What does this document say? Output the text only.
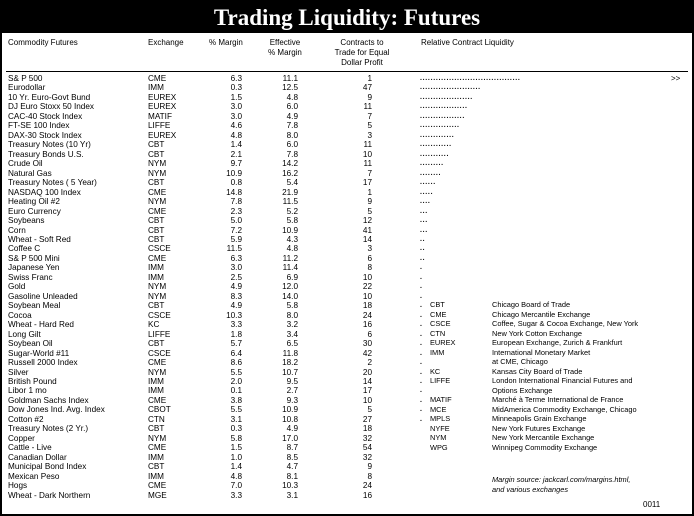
Trading Liquidity: Futures
Commodity Futures	Exchange	% Margin	Effective
% Margin
Contracts to
Trade for Equal
Dollar Profit
Relative Contract Liquidity
S& P 500	CME	6.3	11.1	1	......................................	>>
Eurodollar	IMM	0.3	12.5	47	.......................
10 Yr. Euro-Govt Bund	EUREX	1.5	4.8	9	....................
DJ Euro Stoxx 50 Index	EUREX	3.0	6.0	11	..................
CAC-40 Stock Index	MATIF	3.0	4.9	7	.................
FT-SE 100 Index	LIFFE	4.6	7.8	5	...............
DAX-30 Stock Index	EUREX	4.8	8.0	3	.............
Treasury Notes (10 Yr)	CBT	1.4	6.0	11	............
Treasury Bonds U.S.	CBT	2.1	7.8	10	...........
Crude Oil	NYM	9.7	14.2	11	.........
Natural Gas	NYM	10.9	16.2	7	........
Treasury Notes ( 5 Year)	CBT	0.8	5.4	17	......
NASDAQ 100 Index	CME	14.8	21.9	1	.....
Heating Oil #2	NYM	7.8	11.5	9	....
Euro Currency	CME	2.3	5.2	5	...
Soybeans	CBT	5.0	5.8	12	...
Corn	CBT	7.2	10.9	41	...
Wheat - Soft Red	CBT	5.9	4.3	14	..
Coffee C	CSCE	11.5	4.8	3	..
S& P 500 Mini	CME	6.3	11.2	6	..
Japanese Yen	IMM	3.0	11.4	8	.
Swiss Franc	IMM	2.5	6.9	10	.
Gold	NYM	4.9	12.0	22	.
Gasoline Unleaded	NYM	8.3	14.0	10	.
Soybean Meal	CBT	4.9	5.8	18	.
Cocoa	CSCE	10.3	8.0	24	.
Wheat - Hard Red	KC	3.3	3.2	16	.
Long Gilt	LIFFE	1.8	3.4	6	.
Soybean Oil	CBT	5.7	6.5	30	.
Sugar-World #11	CSCE	6.4	11.8	42	.
Russell 2000 Index	CME	8.6	18.2	2	.
Silver	NYM	5.5	10.7	20	.
British Pound	IMM	2.0	9.5	14	.
Libor 1 mo	IMM	0.1	2.7	17	.
Goldman Sachs Index	CME	3.8	9.3	10	.
Dow Jones Ind. Avg. Index	CBOT	5.5	10.9	5	.
Cotton #2	CTN	3.1	10.8	27	.
Treasury Notes (2 Yr.)	CBT	0.3	4.9	18
Copper	NYM	5.8	17.0	32
Cattle - Live	CME	1.5	8.7	54
Canadian Dollar	IMM	1.0	8.5	32
Municipal Bond Index	CBT	1.4	4.7	9
Mexican Peso	IMM	4.8	8.1	8
Hogs	CME	7.0	10.3	24
Wheat - Dark Northern	MGE	3.3	3.1	16
CBT	Chicago Board of Trade
CME	Chicago Mercantile Exchange
CSCE	Coffee, Sugar & Cocoa Exchange, New York
CTN	New York Cotton Exchange
EUREX	European Exchange, Zurich & Frankfurt
IMM	International Monetary Market
at CME, Chicago
KC	Kansas City Board of Trade
LIFFE	London International Financial Futures and
Options Exchange
MATIF	Marché à Terme International de France
MCE	MidAmerica Commodity Exchange, Chicago
MPLS	Minneapolis Grain Exchange
NYFE	New York Futures Exchange
NYM	New York Mercantile Exchange
WPG	Winnipeg Commodity Exchange
Margin source: jackcarl.com/margins.html,
and various exchanges
0011
